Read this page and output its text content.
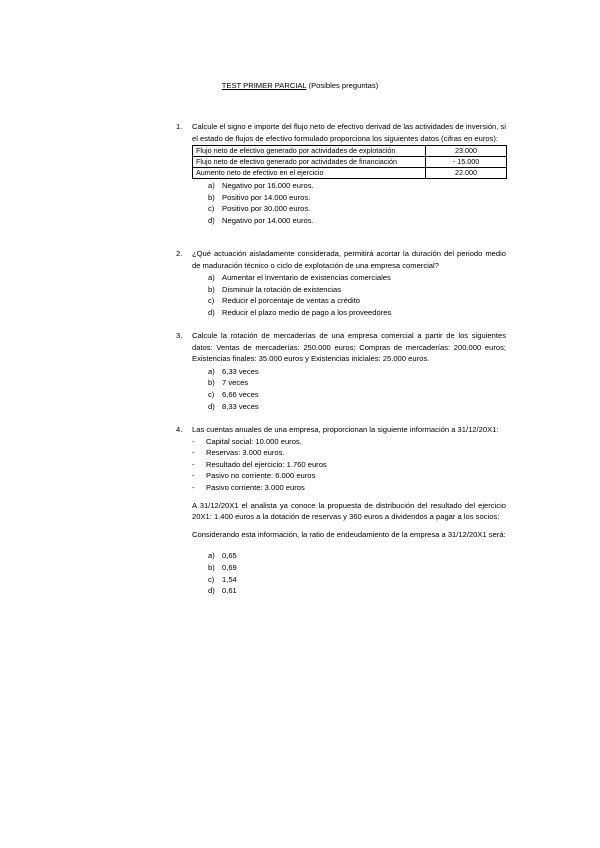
TEST PRIMER PARCIAL (Posibles preguntas)
1.	Calcule el signo e importe del flujo neto de efectivo derivad de las actividades de inversión, si el estado de flujos de efectivo formulado proporciona los siguientes datos (cifras en euros):
Flujo neto de efectivo generado por actividades de explotación	23.000
Flujo neto de efectivo generado por actividades de financiación	- 15.000
Aumento neto de efectivo en el ejercicio	22.000
a) Negativo por 16.000 euros.
b) Positivo por 14.000 euros.
c)	Positivo por 30.000 euros.
d) Negativo por 14.000 euros.
2.	¿Qué actuación aisladamente considerada, permitirá acortar la duración del periodo medio de maduración técnico o ciclo de explotación de una empresa comercial?
a) Aumentar el inventario de existencias comerciales
b) Disminuir la rotación de existencias
c)	Reducir el porcentaje de ventas a crédito
d) Reducir el plazo medio de pago a los proveedores
3.	Calcule la rotación de mercaderías de una empresa comercial a partir de los siguientes datos: Ventas de mercaderías: 250.000 euros; Compras de mercaderías: 200.000 euros; Existencias finales: 35.000 euros y Existencias iniciales: 25.000 euros.
a) 6,33 veces
b) 7 veces
c)	6,66 veces
d) 8,33 veces
4.	Las cuentas anuales de una empresa, proporcionan la siguiente información a 31/12/20X1:
-	Capital social: 10.000 euros.
-	Reservas: 3.000 euros.
-	Resultado del ejercicio: 1.760 euros
-	Pasivo no corriente: 6.000 euros
-	Pasivo corriente: 3.000 euros
A 31/12/20X1 el analista ya conoce la propuesta de distribución del resultado del ejercicio 20X1: 1.400 euros a la dotación de reservas y 360 euros a dividendos a pagar a los socios:
Considerando esta información, la ratio de endeudamiento de la empresa a 31/12/20X1 será:
a) 0,65
b) 0,69
c)	1,54
d) 0,61
